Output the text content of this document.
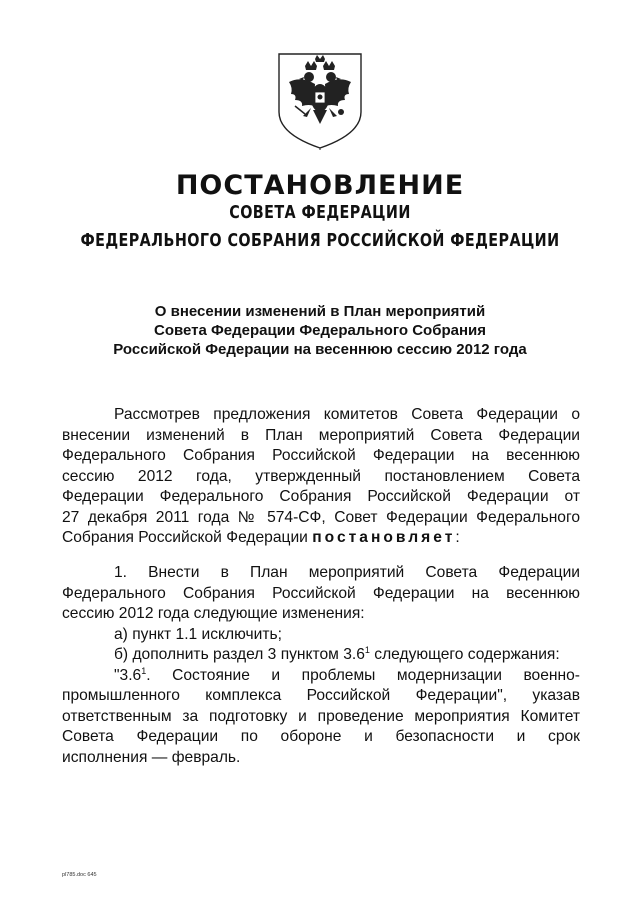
ПОСТАНОВЛЕНИЕ
СОВЕТА ФЕДЕРАЦИИ
ФЕДЕРАЛЬНОГО СОБРАНИЯ РОССИЙСКОЙ ФЕДЕРАЦИИ
О внесении изменений в План мероприятий
Совета Федерации Федерального Собрания
Российской Федерации на весеннюю сессию 2012 года
Рассмотрев предложения комитетов Совета Федерации о
внесении изменений в План мероприятий Совета Федерации
Федерального Собрания Российской Федерации на весеннюю
сессию 2012 года, утвержденный постановлением Совета
Федерации Федерального Собрания Российской Федерации от
27 декабря 2011 года № 574-СФ, Совет Федерации Федерального
Собрания Российской Федерации постановляет:
1. Внести в План мероприятий Совета Федерации
Федерального Собрания Российской Федерации на весеннюю
сессию 2012 года следующие изменения:
а) пункт 1.1 исключить;
б) дополнить раздел 3 пунктом $3.6^1$ следующего содержания:
"$3.6^1$. Состояние и проблемы модернизации военно-
промышленного комплекса Российской Федерации", указав
ответственным за подготовку и проведение мероприятия Комитет
Совета Федерации по обороне и безопасности и срок
исполнения — февраль.
pl785.doc 645
